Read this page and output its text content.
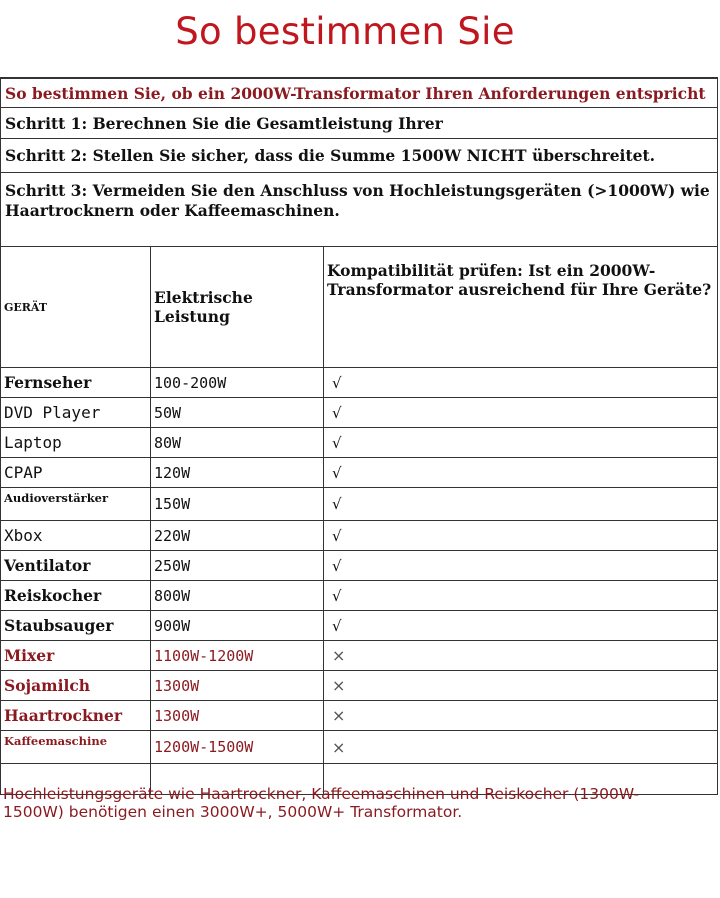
So bestimmen Sie
So bestimmen Sie, ob ein 2000W-Transformator Ihren Anforderungen entspricht
Schritt 1: Berechnen Sie die Gesamtleistung Ihrer
Schritt 2: Stellen Sie sicher, dass die Summe 1500W NICHT überschreitet.
Schritt 3: Vermeiden Sie den Anschluss von Hochleistungsgeräten (>1000W) wie Haartrocknern oder Kaffeemaschinen.
GERÄT	Elektrische Leistung	Kompatibilität prüfen: Ist ein 2000W-Transformator ausreichend für Ihre Geräte?
Fernseher	100-200W	√
DVD Player	50W	√
Laptop	80W	√
CPAP	120W	√
Audioverstärker	150W	√
Xbox	220W	√
Ventilator	250W	√
Reiskocher	800W	√
Staubsauger	900W	√
Mixer	1100W-1200W	×
Sojamilch	1300W	×
Haartrockner	1300W	×
Kaffeemaschine	1200W-1500W	×

Hochleistungsgeräte wie Haartrockner, Kaffeemaschinen und Reiskocher (1300W-1500W) benötigen einen 3000W+, 5000W+ Transformator.
